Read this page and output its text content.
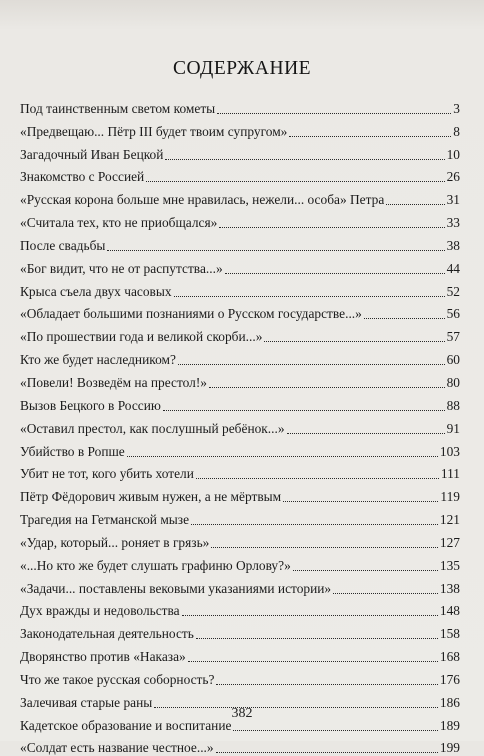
СОДЕРЖАНИЕ
Под таинственным светом кометы	3
«Предвещаю... Пётр III будет твоим супругом»	8
Загадочный Иван Бецкой	10
Знакомство с Россией	26
«Русская корона больше мне нравилась, нежели... особа» Петра	31
«Считала тех, кто не приобщался»	33
После свадьбы	38
«Бог видит, что не от распутства...»	44
Крыса съела двух часовых	52
«Обладает большими познаниями о Русском государстве...»	56
«По прошествии года и великой скорби...»	57
Кто же будет наследником?	60
«Повели! Возведём на престол!»	80
Вызов Бецкого в Россию	88
«Оставил престол, как послушный ребёнок...»	91
Убийство в Ропше	103
Убит не тот, кого убить хотели	111
Пётр Фёдорович живым нужен, а не мёртвым	119
Трагедия на Гетманской мызе	121
«Удар, который... роняет в грязь»	127
«...Но кто же будет слушать графиню Орлову?»	135
«Задачи... поставлены вековыми указаниями истории»	138
Дух вражды и недовольства	148
Законодательная деятельность	158
Дворянство против «Наказа»	168
Что же такое русская соборность?	176
Залечивая старые раны	186
Кадетское образование и воспитание	189
«Солдат есть название честное...»	199
382
